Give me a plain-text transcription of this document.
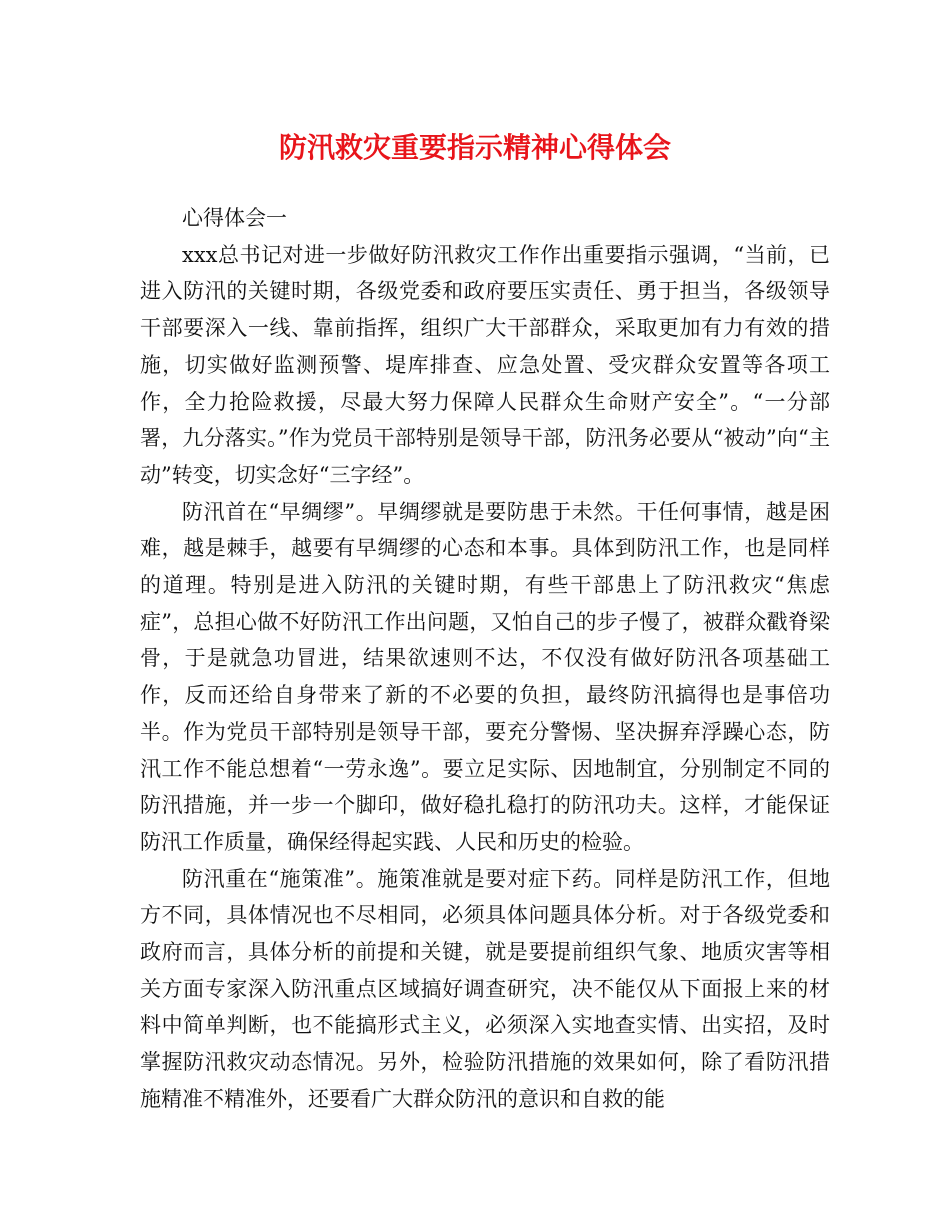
防汛救灾重要指示精神心得体会

心得体会一

xxx总书记对进一步做好防汛救灾工作作出重要指示强调，“当前，已进入防汛的关键时期，各级党委和政府要压实责任、勇于担当，各级领导干部要深入一线、靠前指挥，组织广大干部群众，采取更加有力有效的措施，切实做好监测预警、堤库排查、应急处置、受灾群众安置等各项工作，全力抢险救援，尽最大努力保障人民群众生命财产安全”。“一分部署，九分落实。”作为党员干部特别是领导干部，防汛务必要从“被动”向“主动”转变，切实念好“三字经”。

防汛首在“早绸缪”。早绸缪就是要防患于未然。干任何事情，越是困难，越是棘手，越要有早绸缪的心态和本事。具体到防汛工作，也是同样的道理。特别是进入防汛的关键时期，有些干部患上了防汛救灾“焦虑症”，总担心做不好防汛工作出问题，又怕自己的步子慢了，被群众戳脊梁骨，于是就急功冒进，结果欲速则不达，不仅没有做好防汛各项基础工作，反而还给自身带来了新的不必要的负担，最终防汛搞得也是事倍功半。作为党员干部特别是领导干部，要充分警惕、坚决摒弃浮躁心态，防汛工作不能总想着“一劳永逸”。要立足实际、因地制宜，分别制定不同的防汛措施，并一步一个脚印，做好稳扎稳打的防汛功夫。这样，才能保证防汛工作质量，确保经得起实践、人民和历史的检验。

防汛重在“施策准”。施策准就是要对症下药。同样是防汛工作，但地方不同，具体情况也不尽相同，必须具体问题具体分析。对于各级党委和政府而言，具体分析的前提和关键，就是要提前组织气象、地质灾害等相关方面专家深入防汛重点区域搞好调查研究，决不能仅从下面报上来的材料中简单判断，也不能搞形式主义，必须深入实地查实情、出实招，及时掌握防汛救灾动态情况。另外，检验防汛措施的效果如何，除了看防汛措施精准不精准外，还要看广大群众防汛的意识和自救的能
